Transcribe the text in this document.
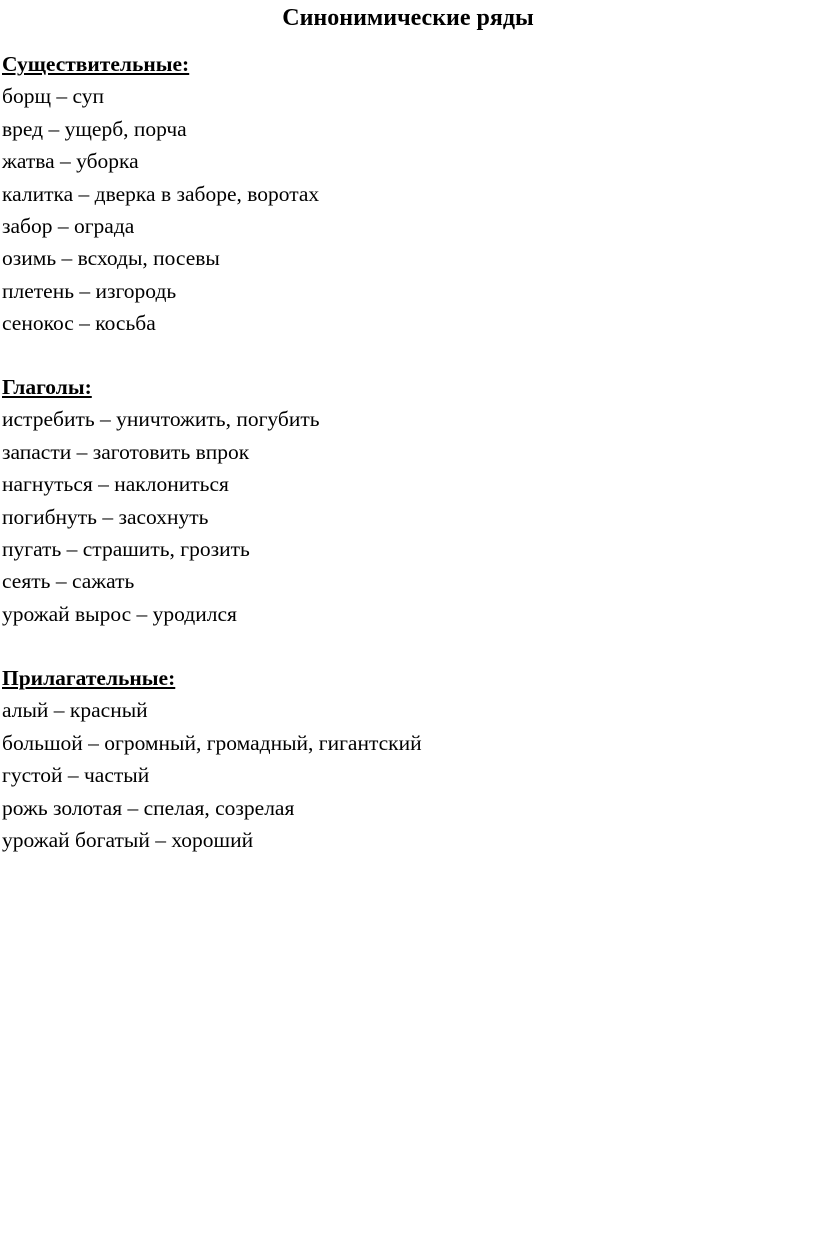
Синонимические ряды

Существительные:

борщ – суп
вред – ущерб, порча
жатва – уборка
калитка – дверка в заборе, воротах
забор – ограда
озимь – всходы, посевы
плетень – изгородь
сенокос – косьба

Глаголы:

истребить – уничтожить, погубить
запасти – заготовить впрок
нагнуться – наклониться
погибнуть – засохнуть
пугать – страшить, грозить
сеять – сажать
урожай вырос – уродился

Прилагательные:

алый – красный
большой – огромный, громадный, гигантский
густой – частый
рожь золотая – спелая, созрелая
урожай богатый – хороший
